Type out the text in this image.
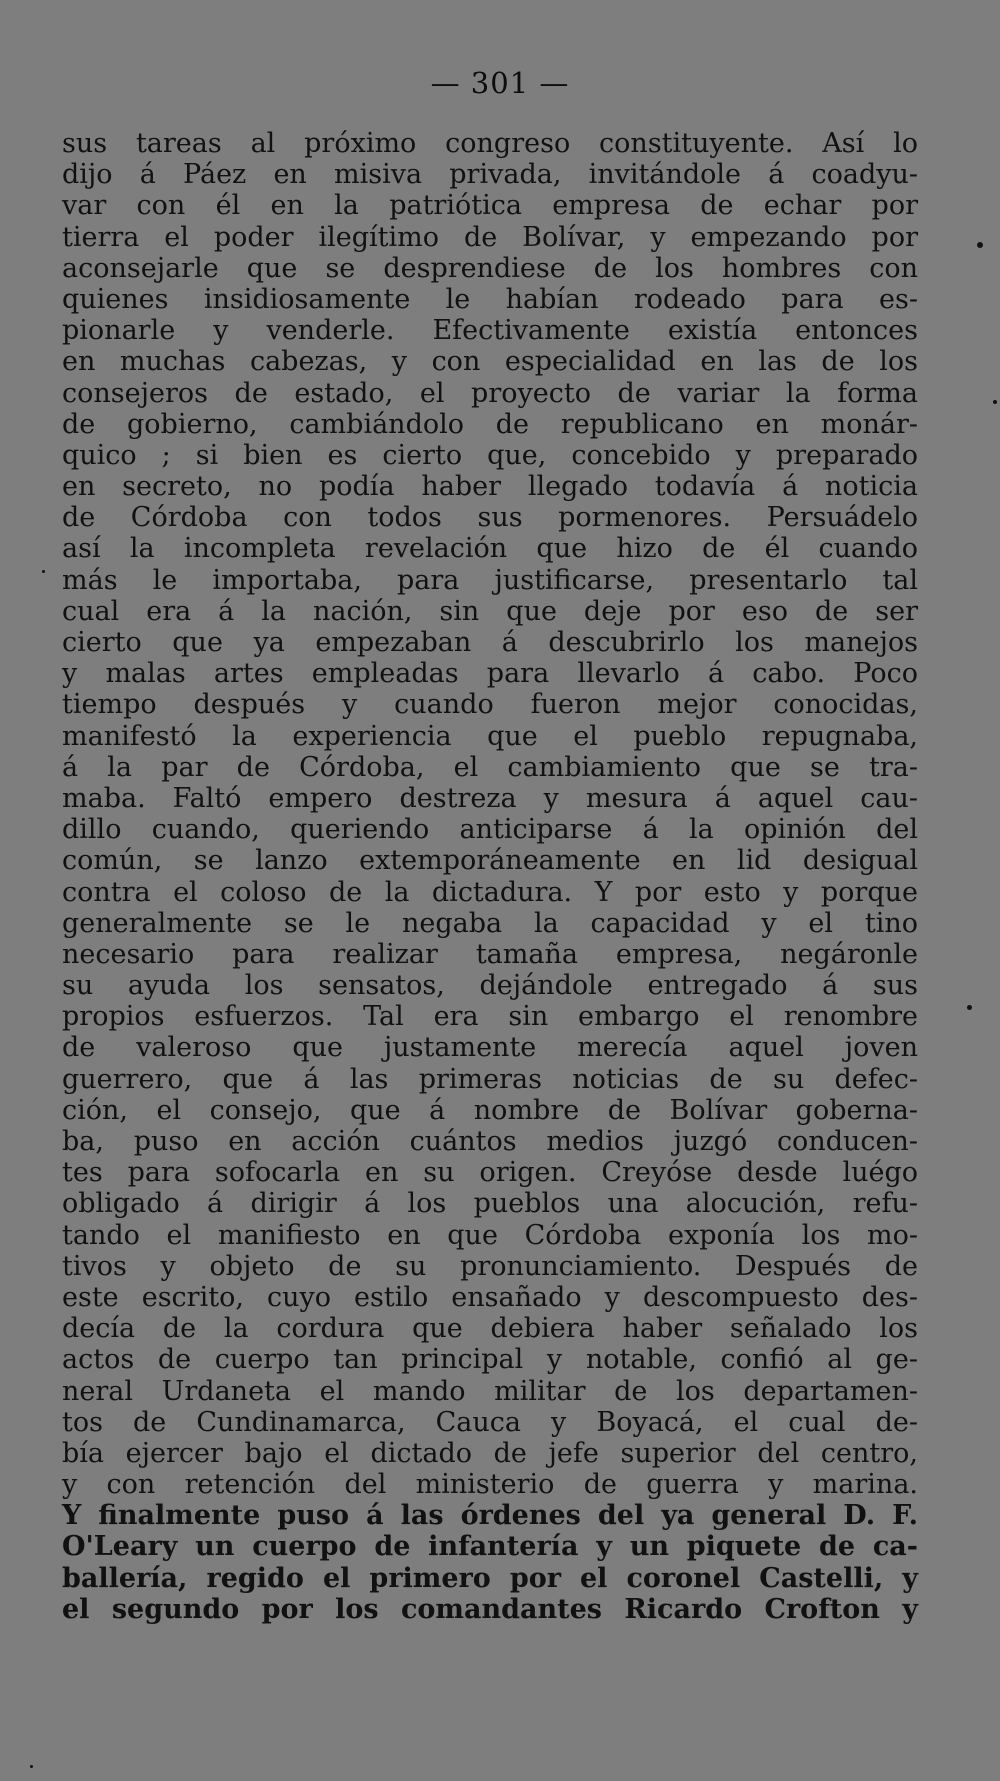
— 301 —
sus tareas al próximo congreso constituyente. Así lo
dijo á Páez en misiva privada, invitándole á coadyu-
var con él en la patriótica empresa de echar por
tierra el poder ilegítimo de Bolívar, y empezando por
aconsejarle que se desprendiese de los hombres con
quienes insidiosamente le habían rodeado para es-
pionarle y venderle. Efectivamente existía entonces
en muchas cabezas, y con especialidad en las de los
consejeros de estado, el proyecto de variar la forma
de gobierno, cambiándolo de republicano en monár-
quico ; si bien es cierto que, concebido y preparado
en secreto, no podía haber llegado todavía á noticia
de Córdoba con todos sus pormenores. Persuádelo
así la incompleta revelación que hizo de él cuando
más le importaba, para justificarse, presentarlo tal
cual era á la nación, sin que deje por eso de ser
cierto que ya empezaban á descubrirlo los manejos
y malas artes empleadas para llevarlo á cabo. Poco
tiempo después y cuando fueron mejor conocidas,
manifestó la experiencia que el pueblo repugnaba,
á la par de Córdoba, el cambiamiento que se tra-
maba. Faltó empero destreza y mesura á aquel cau-
dillo cuando, queriendo anticiparse á la opinión del
común, se lanzo extemporáneamente en lid desigual
contra el coloso de la dictadura. Y por esto y porque
generalmente se le negaba la capacidad y el tino
necesario para realizar tamaña empresa, negáronle
su ayuda los sensatos, dejándole entregado á sus
propios esfuerzos. Tal era sin embargo el renombre
de valeroso que justamente merecía aquel joven
guerrero, que á las primeras noticias de su defec-
ción, el consejo, que á nombre de Bolívar goberna-
ba, puso en acción cuántos medios juzgó conducen-
tes para sofocarla en su origen. Creyóse desde luégo
obligado á dirigir á los pueblos una alocución, refu-
tando el manifiesto en que Córdoba exponía los mo-
tivos y objeto de su pronunciamiento. Después de
este escrito, cuyo estilo ensañado y descompuesto des-
decía de la cordura que debiera haber señalado los
actos de cuerpo tan principal y notable, confió al ge-
neral Urdaneta el mando militar de los departamen-
tos de Cundinamarca, Cauca y Boyacá, el cual de-
bía ejercer bajo el dictado de jefe superior del centro,
y con retención del ministerio de guerra y marina.
Y finalmente puso á las órdenes del ya general D. F.
O'Leary un cuerpo de infantería y un piquete de ca-
ballería, regido el primero por el coronel Castelli, y
el segundo por los comandantes Ricardo Crofton y
